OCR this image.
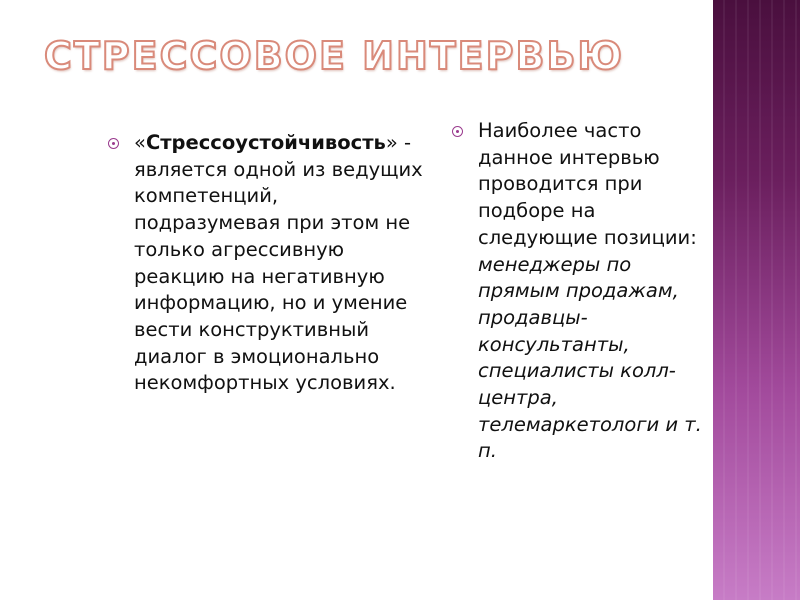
СТРЕССОВОЕ ИНТЕРВЬЮ
«Стрессоустойчивость» - является одной из ведущих компетенций, подразумевая при этом не только агрессивную реакцию на негативную информацию, но и умение вести конструктивный диалог в эмоционально некомфортных условиях.
Наиболее часто данное интервью проводится при подборе на следующие позиции: менеджеры по прямым продажам, продавцы-консультанты, специалисты колл-центра, телемаркетологи и т. п.
